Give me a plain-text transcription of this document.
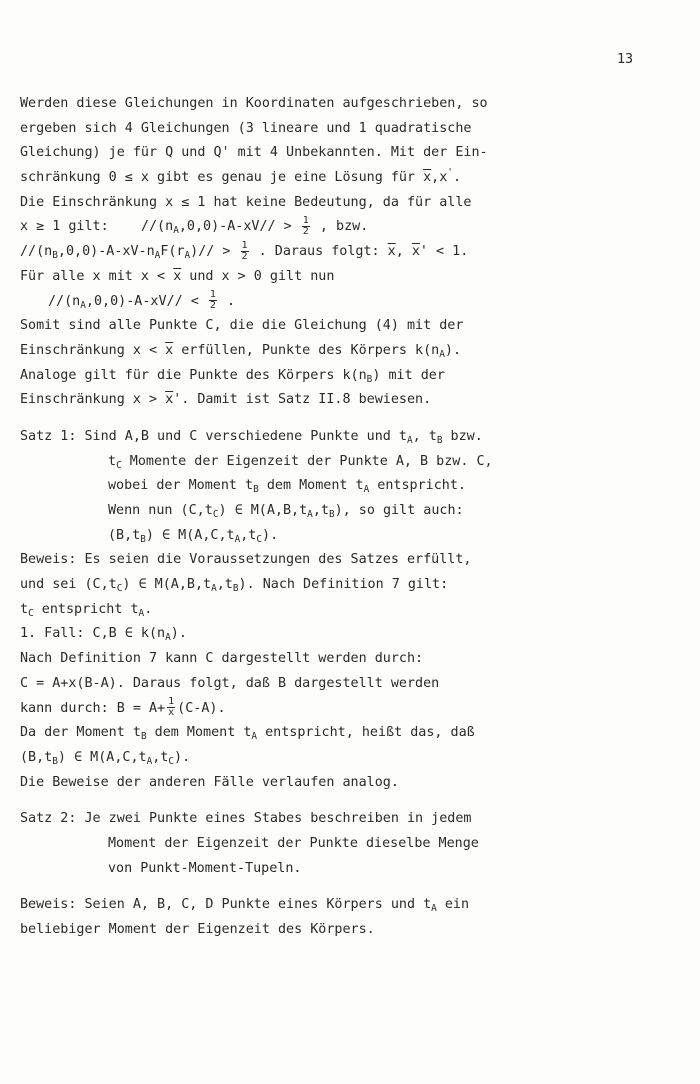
13
Werden diese Gleichungen in Koordinaten aufgeschrieben, so
ergeben sich 4 Gleichungen (3 lineare und 1 quadratische
Gleichung) je für Q und Q' mit 4 Unbekannten. Mit der Ein-
schränkung 0 ≤ x gibt es genau je eine Lösung für $\overline{x},x'$.
Die Einschränkung x ≤ 1 hat keine Bedeutung, da für alle
x ≥ 1 gilt:    $//(n_A,0,0)-A-xV// > \frac{1}{2}$ , bzw.
$//(n_B,0,0)-A-xV-n_AF(r_A)// > \frac{1}{2}$ . Daraus folgt: $\overline{x}$, $\overline{x}' < 1$.
Für alle x mit $x < \overline{x}$ und x > 0 gilt nun
$//(n_A,0,0)-A-xV// < \frac{1}{2}$ .
Somit sind alle Punkte C, die die Gleichung (4) mit der
Einschränkung $x < \overline{x}$ erfüllen, Punkte des Körpers $k(n_A)$.
Analoge gilt für die Punkte des Körpers $k(n_B)$ mit der
Einschränkung $x > \overline{x}'$. Damit ist Satz II.8 bewiesen.
Satz 1: Sind A,B und C verschiedene Punkte und $t_A$, $t_B$ bzw.
$t_C$ Momente der Eigenzeit der Punkte A, B bzw. C,
wobei der Moment $t_B$ dem Moment $t_A$ entspricht.
Wenn nun $(C,t_C)$ ∈ $M(A,B,t_A,t_B)$, so gilt auch:
$(B,t_B)$ ∈ $M(A,C,t_A,t_C)$.
Beweis: Es seien die Voraussetzungen des Satzes erfüllt,
und sei $(C,t_C)$ ∈ $M(A,B,t_A,t_B)$. Nach Definition 7 gilt:
$t_C$ entspricht $t_A$.
1. Fall: C,B ∈ $k(n_A)$.
Nach Definition 7 kann C dargestellt werden durch:
C = A+x(B-A). Daraus folgt, daß B dargestellt werden
kann durch: $B = A+ \frac{1}{x} (C-A)$.
Da der Moment $t_B$ dem Moment $t_A$ entspricht, heißt das, daß
$(B,t_B)$ ∈ $M(A,C,t_A,t_C)$.
Die Beweise der anderen Fälle verlaufen analog.
Satz 2: Je zwei Punkte eines Stabes beschreiben in jedem
Moment der Eigenzeit der Punkte dieselbe Menge
von Punkt-Moment-Tupeln.
Beweis: Seien A, B, C, D Punkte eines Körpers und $t_A$ ein
beliebiger Moment der Eigenzeit des Körpers.
